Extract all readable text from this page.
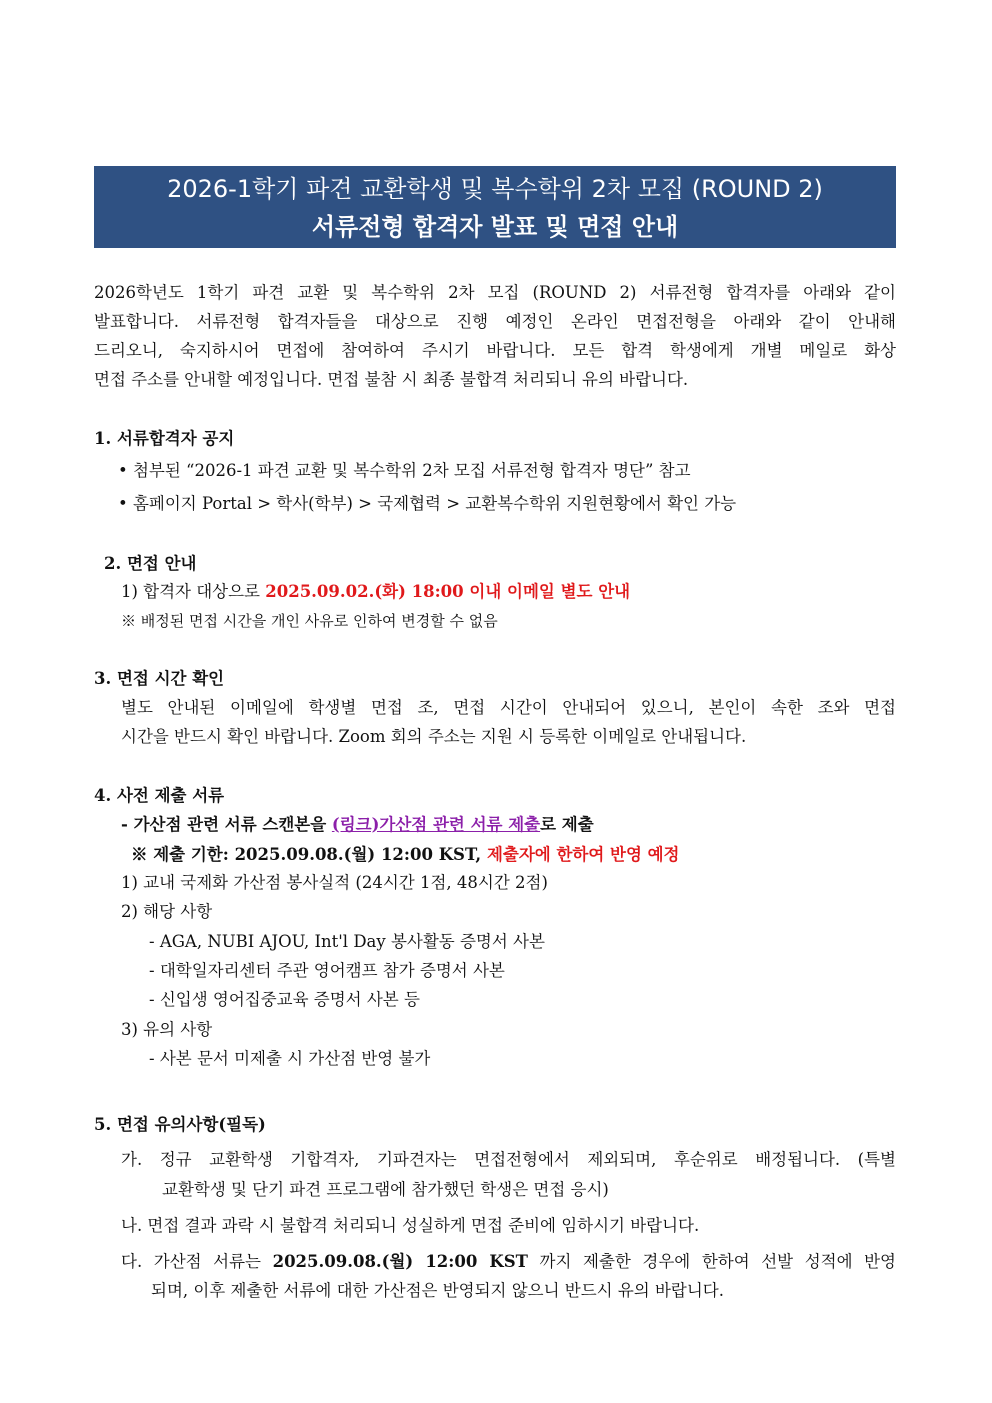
2026-1학기 파견 교환학생 및 복수학위 2차 모집 (ROUND 2)
서류전형 합격자 발표 및 면접 안내
2026학년도 1학기 파견 교환 및 복수학위 2차 모집 (ROUND 2) 서류전형 합격자를 아래와 같이
발표합니다. 서류전형 합격자들을 대상으로 진행 예정인 온라인 면접전형을 아래와 같이 안내해
드리오니, 숙지하시어 면접에 참여하여 주시기 바랍니다. 모든 합격 학생에게 개별 메일로 화상
면접 주소를 안내할 예정입니다. 면접 불참 시 최종 불합격 처리되니 유의 바랍니다.
1. 서류합격자 공지
• 첨부된 “2026-1 파견 교환 및 복수학위 2차 모집 서류전형 합격자 명단” 참고
• 홈페이지 Portal > 학사(학부) > 국제협력 > 교환복수학위 지원현황에서 확인 가능
2. 면접 안내
1) 합격자 대상으로 2025.09.02.(화) 18:00 이내 이메일 별도 안내
※ 배정된 면접 시간을 개인 사유로 인하여 변경할 수 없음
3. 면접 시간 확인
별도 안내된 이메일에 학생별 면접 조, 면접 시간이 안내되어 있으니, 본인이 속한 조와 면접
시간을 반드시 확인 바랍니다. Zoom 회의 주소는 지원 시 등록한 이메일로 안내됩니다.
4. 사전 제출 서류
- 가산점 관련 서류 스캔본을 (링크)가산점 관련 서류 제출로 제출
※ 제출 기한: 2025.09.08.(월) 12:00 KST, 제출자에 한하여 반영 예정
1) 교내 국제화 가산점 봉사실적 (24시간 1점, 48시간 2점)
2) 해당 사항
- AGA, NUBI AJOU, Int'l Day 봉사활동 증명서 사본
- 대학일자리센터 주관 영어캠프 참가 증명서 사본
- 신입생 영어집중교육 증명서 사본 등
3) 유의 사항
- 사본 문서 미제출 시 가산점 반영 불가
5. 면접 유의사항(필독)
가. 정규 교환학생 기합격자, 기파견자는 면접전형에서 제외되며, 후순위로 배정됩니다. (특별
교환학생 및 단기 파견 프로그램에 참가했던 학생은 면접 응시)
나. 면접 결과 과락 시 불합격 처리되니 성실하게 면접 준비에 임하시기 바랍니다.
다. 가산점 서류는 2025.09.08.(월) 12:00 KST 까지 제출한 경우에 한하여 선발 성적에 반영
되며, 이후 제출한 서류에 대한 가산점은 반영되지 않으니 반드시 유의 바랍니다.
